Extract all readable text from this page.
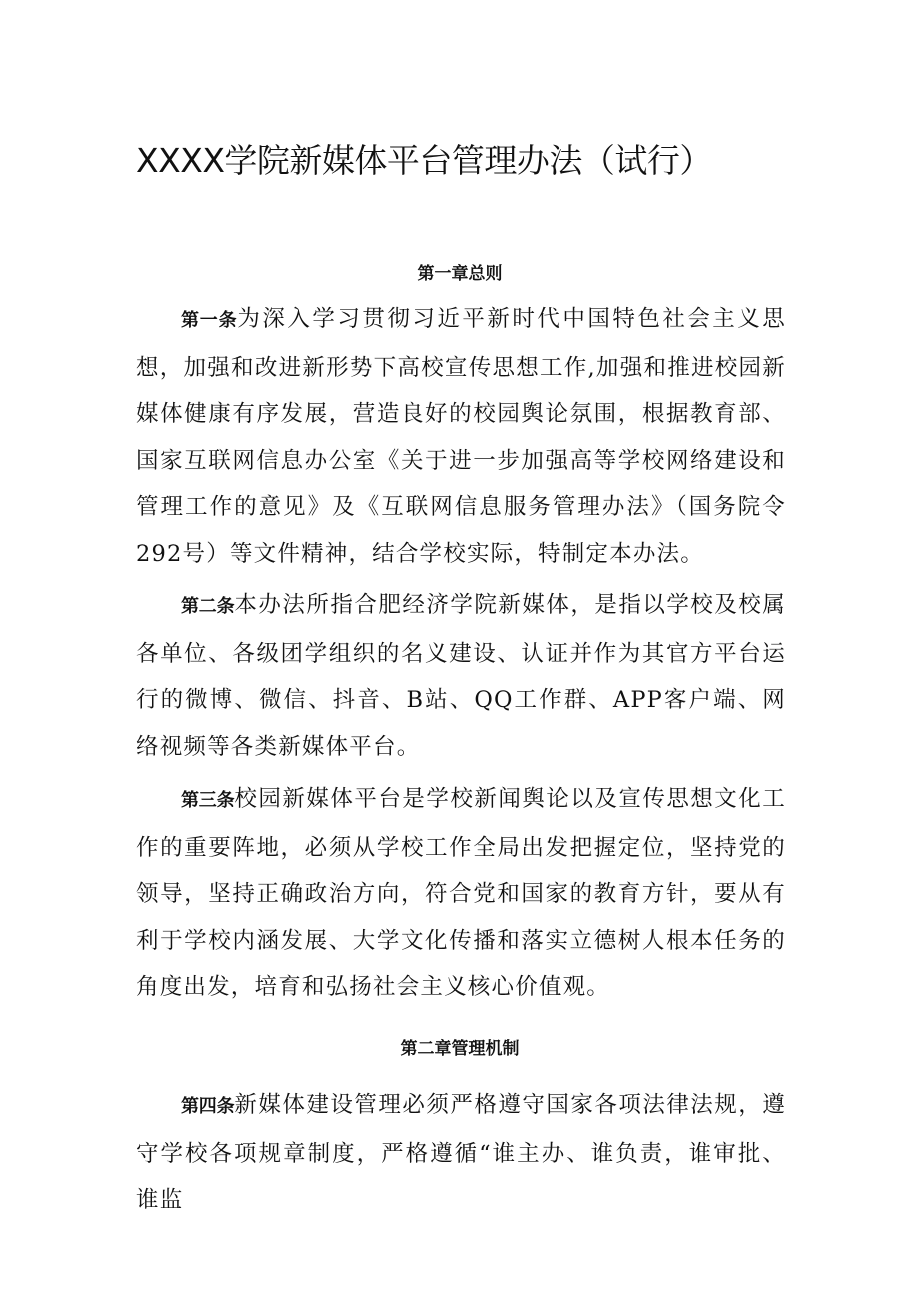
XXXX学院新媒体平台管理办法（试行）
第一章总则

第一条为深入学习贯彻习近平新时代中国特色社会主义思想，加强和改进新形势下高校宣传思想工作,加强和推进校园新媒体健康有序发展，营造良好的校园舆论氛围，根据教育部、国家互联网信息办公室《关于进一步加强高等学校网络建设和管理工作的意见》及《互联网信息服务管理办法》（国务院令292号）等文件精神，结合学校实际，特制定本办法。

第二条本办法所指合肥经济学院新媒体，是指以学校及校属各单位、各级团学组织的名义建设、认证并作为其官方平台运行的微博、微信、抖音、B站、QQ工作群、APP客户端、网络视频等各类新媒体平台。

第三条校园新媒体平台是学校新闻舆论以及宣传思想文化工作的重要阵地，必须从学校工作全局出发把握定位，坚持党的领导，坚持正确政治方向，符合党和国家的教育方针，要从有利于学校内涵发展、大学文化传播和落实立德树人根本任务的角度出发，培育和弘扬社会主义核心价值观。

第二章管理机制

第四条新媒体建设管理必须严格遵守国家各项法律法规，遵守学校各项规章制度，严格遵循“谁主办、谁负责，谁审批、谁监
